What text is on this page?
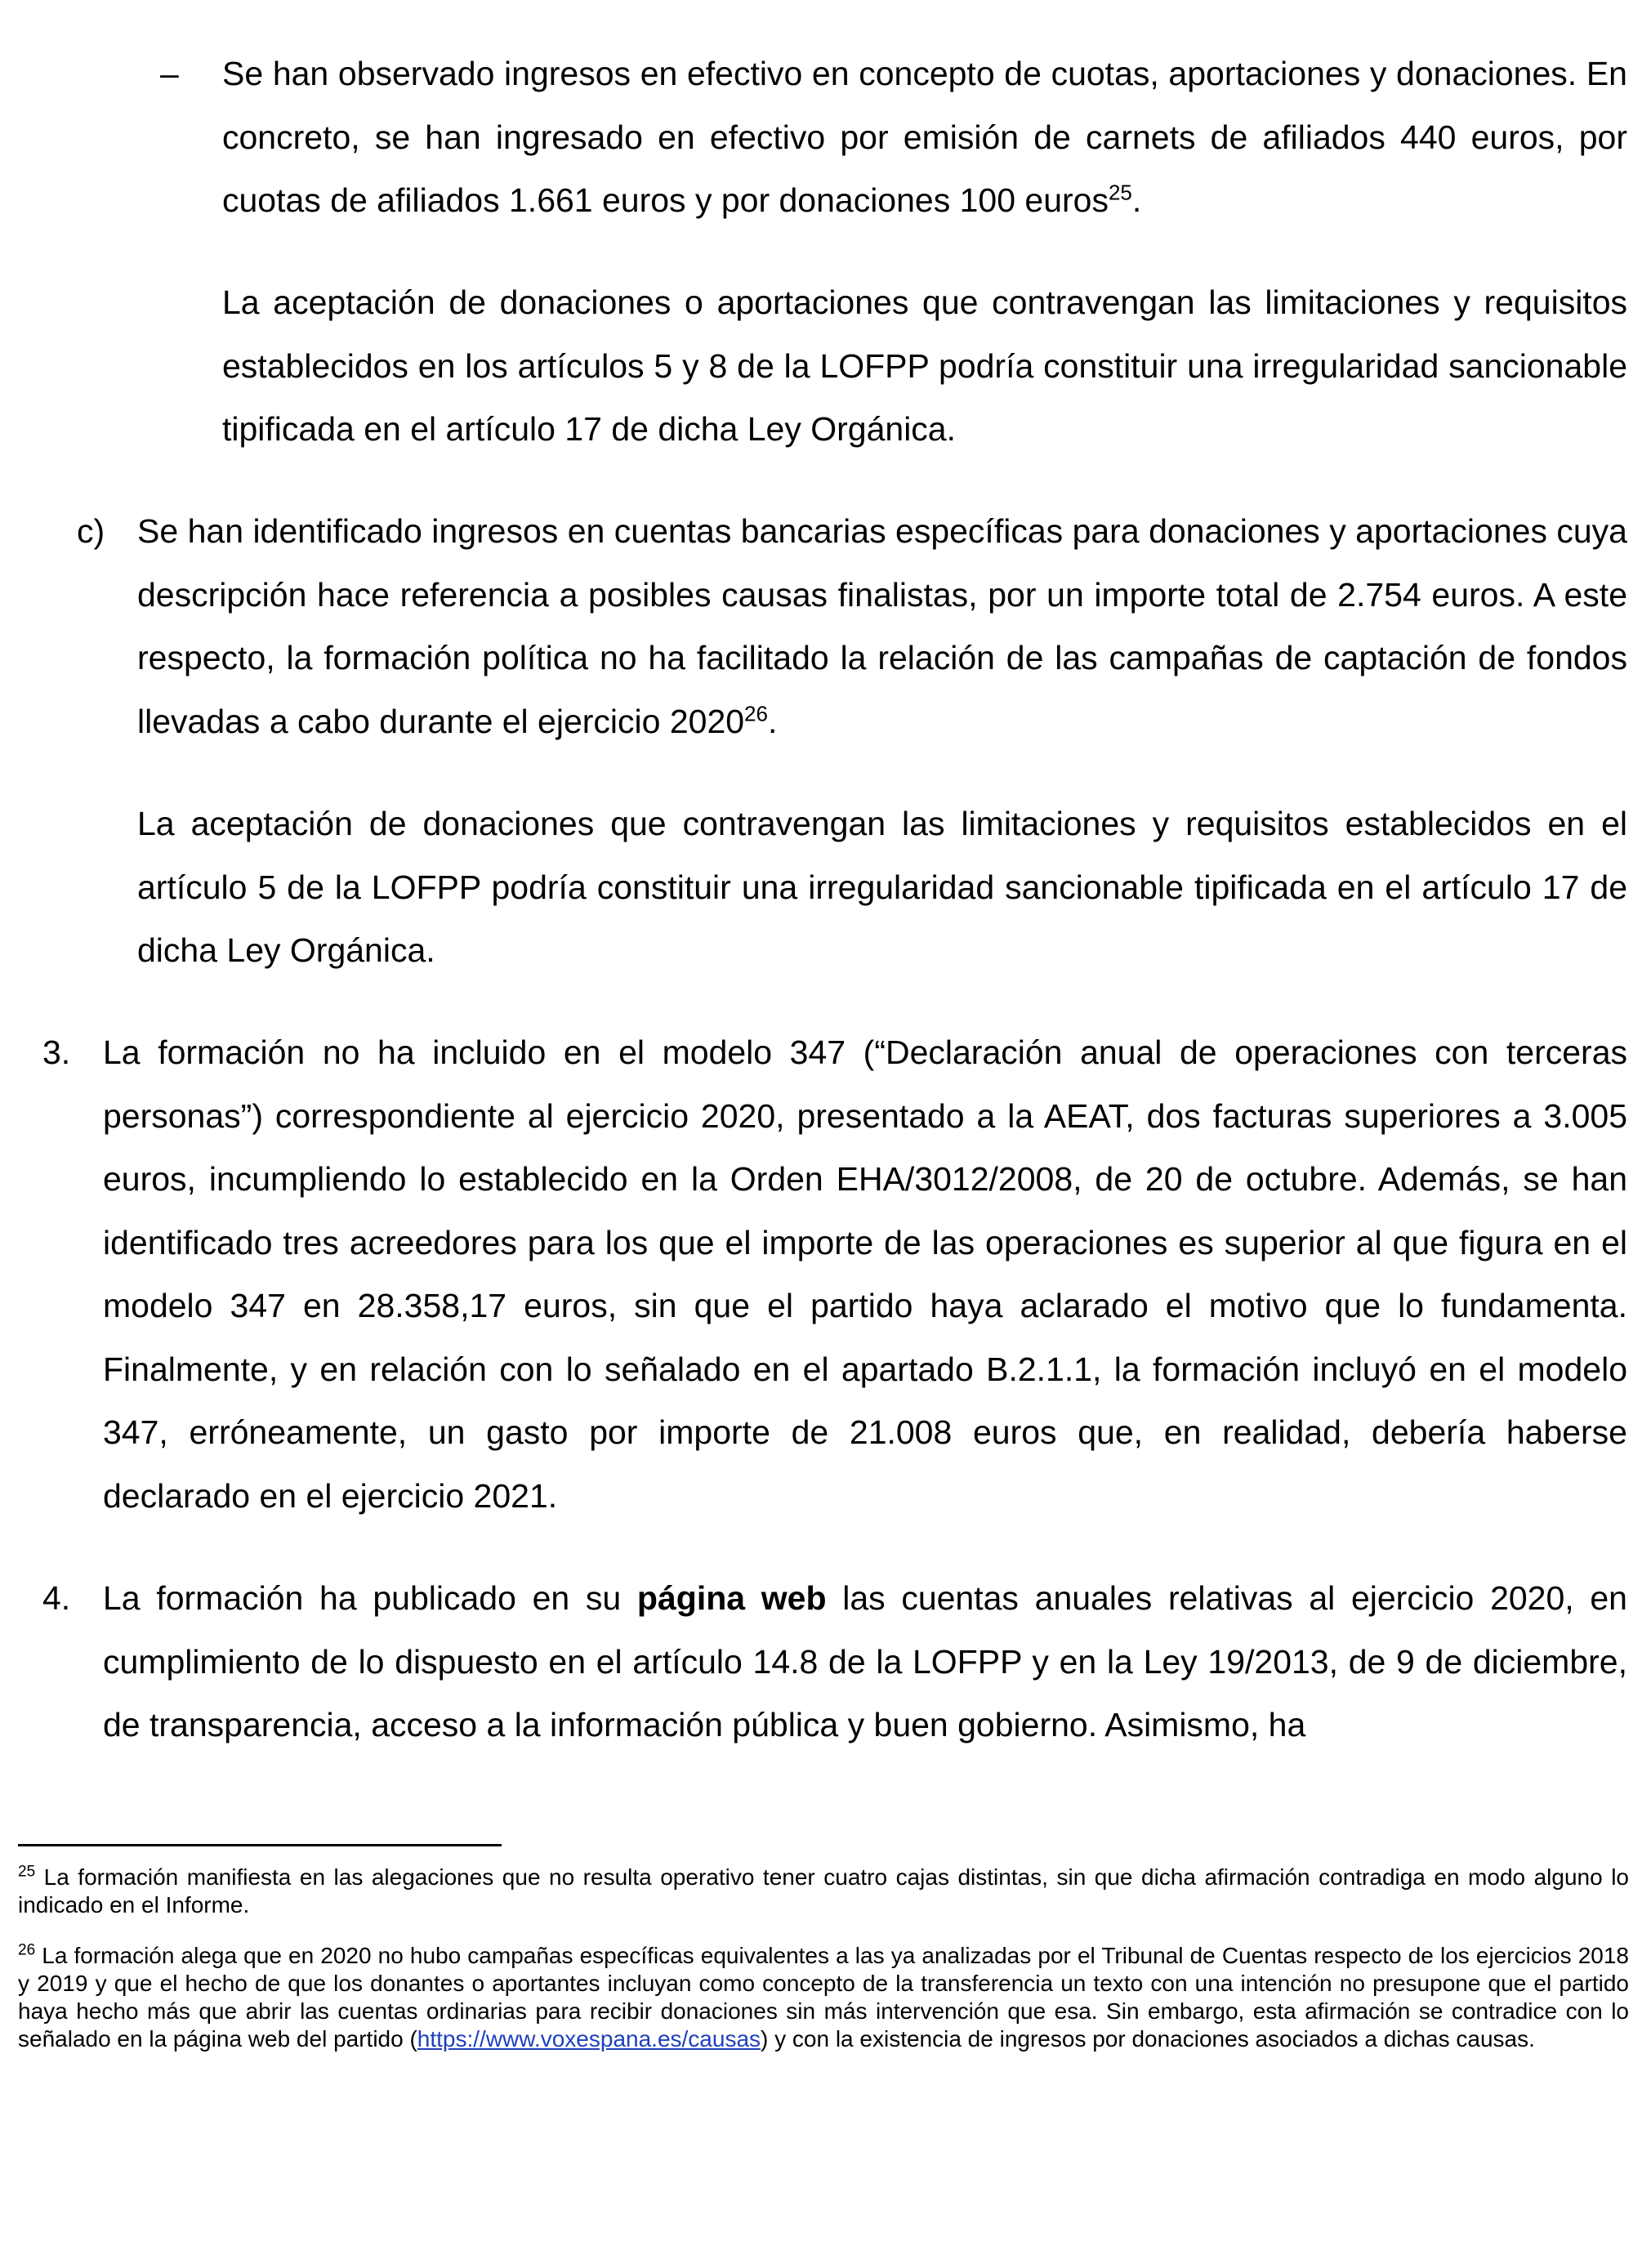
– Se han observado ingresos en efectivo en concepto de cuotas, aportaciones y donaciones. En concreto, se han ingresado en efectivo por emisión de carnets de afiliados 440 euros, por cuotas de afiliados 1.661 euros y por donaciones 100 euros$^{25}$.

La aceptación de donaciones o aportaciones que contravengan las limitaciones y requisitos establecidos en los artículos 5 y 8 de la LOFPP podría constituir una irregularidad sancionable tipificada en el artículo 17 de dicha Ley Orgánica.

c) Se han identificado ingresos en cuentas bancarias específicas para donaciones y aportaciones cuya descripción hace referencia a posibles causas finalistas, por un importe total de 2.754 euros. A este respecto, la formación política no ha facilitado la relación de las campañas de captación de fondos llevadas a cabo durante el ejercicio 2020$^{26}$.

La aceptación de donaciones que contravengan las limitaciones y requisitos establecidos en el artículo 5 de la LOFPP podría constituir una irregularidad sancionable tipificada en el artículo 17 de dicha Ley Orgánica.

3. La formación no ha incluido en el modelo 347 (“Declaración anual de operaciones con terceras personas”) correspondiente al ejercicio 2020, presentado a la AEAT, dos facturas superiores a 3.005 euros, incumpliendo lo establecido en la Orden EHA/3012/2008, de 20 de octubre. Además, se han identificado tres acreedores para los que el importe de las operaciones es superior al que figura en el modelo 347 en 28.358,17 euros, sin que el partido haya aclarado el motivo que lo fundamenta. Finalmente, y en relación con lo señalado en el apartado B.2.1.1, la formación incluyó en el modelo 347, erróneamente, un gasto por importe de 21.008 euros que, en realidad, debería haberse declarado en el ejercicio 2021.

4. La formación ha publicado en su página web las cuentas anuales relativas al ejercicio 2020, en cumplimiento de lo dispuesto en el artículo 14.8 de la LOFPP y en la Ley 19/2013, de 9 de diciembre, de transparencia, acceso a la información pública y buen gobierno. Asimismo, ha

$^{25}$ La formación manifiesta en las alegaciones que no resulta operativo tener cuatro cajas distintas, sin que dicha afirmación contradiga en modo alguno lo indicado en el Informe.

$^{26}$ La formación alega que en 2020 no hubo campañas específicas equivalentes a las ya analizadas por el Tribunal de Cuentas respecto de los ejercicios 2018 y 2019 y que el hecho de que los donantes o aportantes incluyan como concepto de la transferencia un texto con una intención no presupone que el partido haya hecho más que abrir las cuentas ordinarias para recibir donaciones sin más intervención que esa. Sin embargo, esta afirmación se contradice con lo señalado en la página web del partido (https://www.voxespana.es/causas) y con la existencia de ingresos por donaciones asociados a dichas causas.
